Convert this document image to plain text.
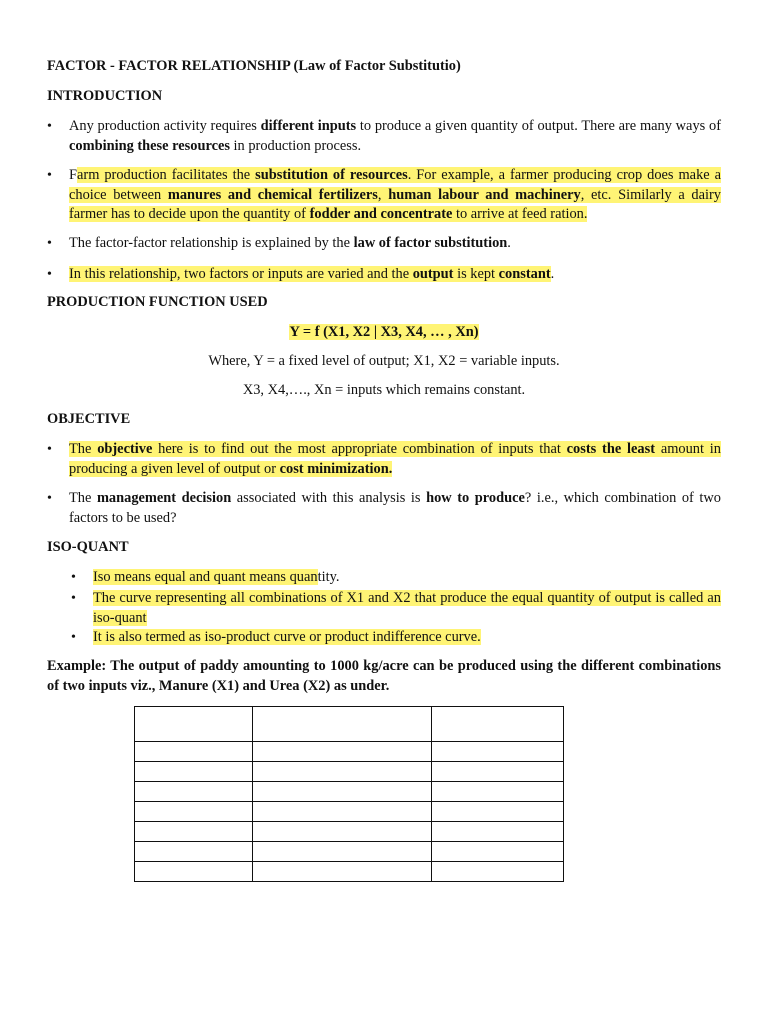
FACTOR - FACTOR RELATIONSHIP (Law of Factor Substitutio)
INTRODUCTION
• Any production activity requires different inputs to produce a given quantity of output. There are many ways of combining these resources in production process.
• Farm production facilitates the substitution of resources. For example, a farmer producing crop does make a choice between manures and chemical fertilizers, human labour and machinery, etc. Similarly a dairy farmer has to decide upon the quantity of fodder and concentrate to arrive at feed ration.
• The factor-factor relationship is explained by the law of factor substitution.
• In this relationship, two factors or inputs are varied and the output is kept constant.
PRODUCTION FUNCTION USED
Y = f (X1, X2 | X3, X4, … , Xn)
Where, Y = a fixed level of output; X1, X2 = variable inputs.
X3, X4,…., Xn = inputs which remains constant.
OBJECTIVE
• The objective here is to find out the most appropriate combination of inputs that costs the least amount in producing a given level of output or cost minimization.
• The management decision associated with this analysis is how to produce? i.e., which combination of two factors to be used?
ISO-QUANT
• Iso means equal and quant means quantity.
• The curve representing all combinations of X1 and X2 that produce the equal quantity of output is called an iso-quant
• It is also termed as iso-product curve or product indifference curve.
Example: The output of paddy amounting to 1000 kg/acre can be produced using the different combinations of two inputs viz., Manure (X1) and Urea (X2) as under.
